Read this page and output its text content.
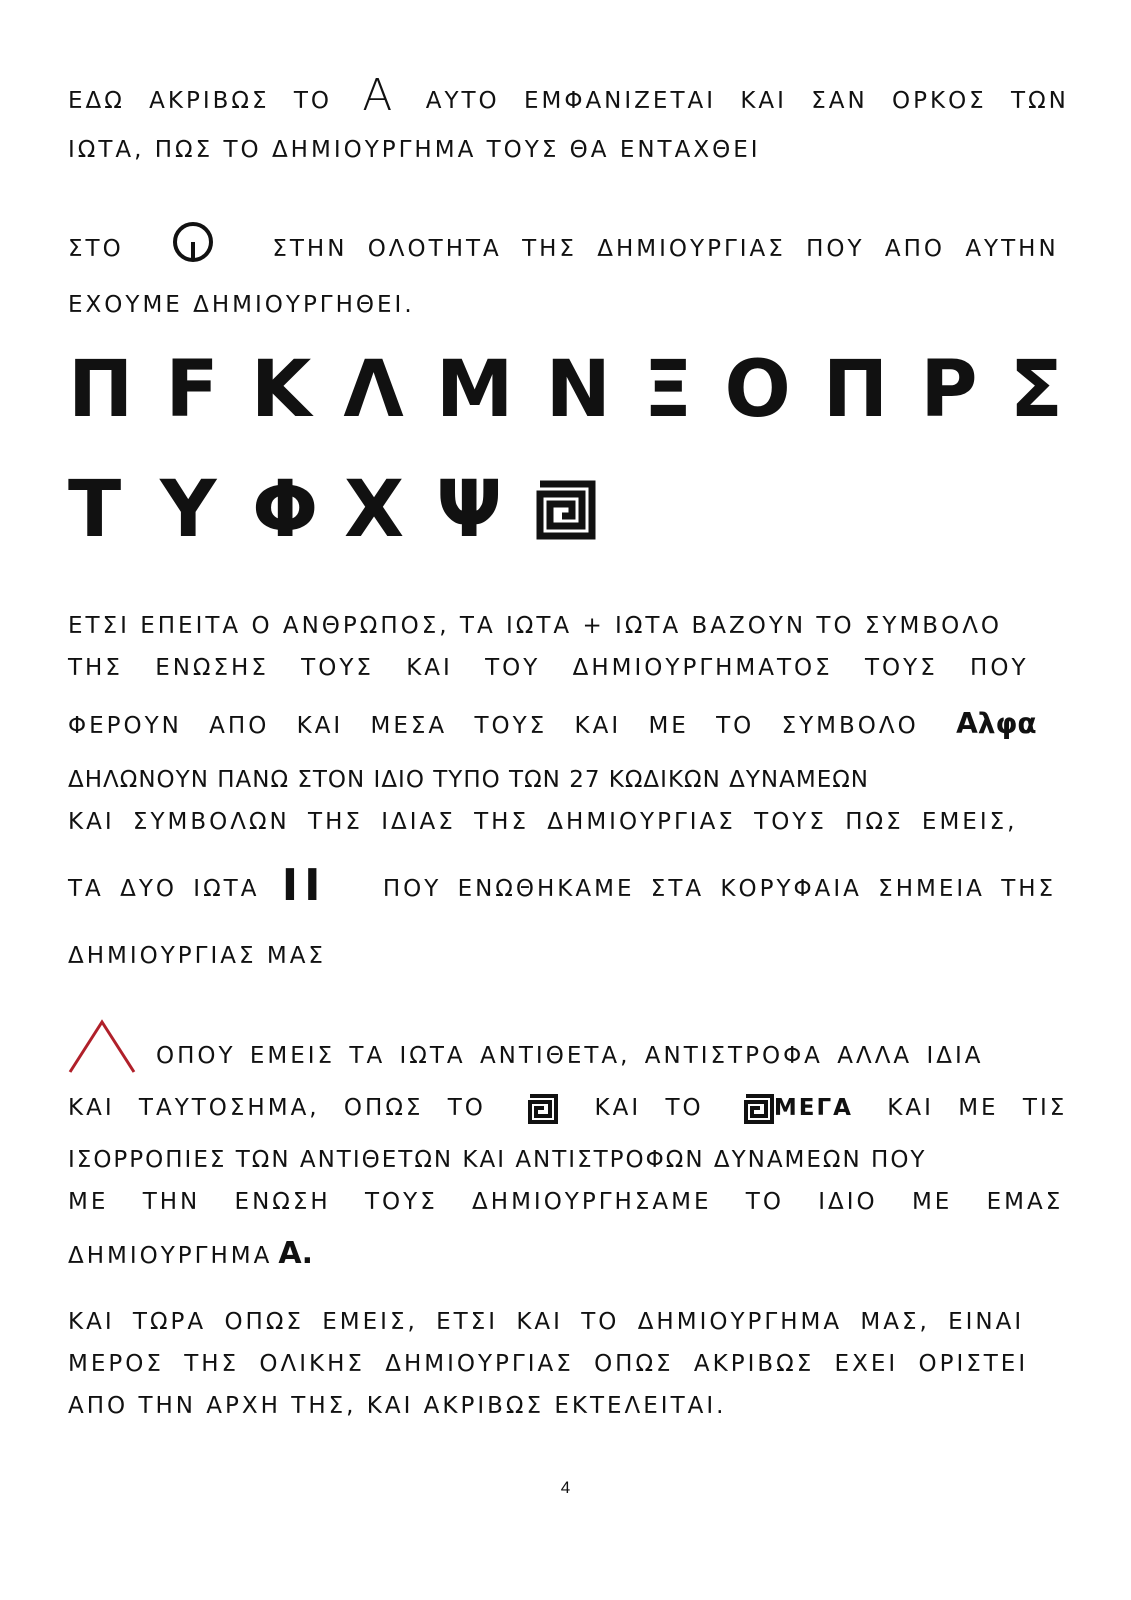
ΕΔΩ ΑΚΡΙΒΩΣ ΤΟ Α ΑΥΤΟ ΕΜΦΑΝΙΖΕΤΑΙ ΚΑΙ ΣΑΝ ΟΡΚΟΣ ΤΩΝ
ΙΩΤΑ, ΠΩΣ ΤΟ ΔΗΜΙΟΥΡΓΗΜΑ ΤΟΥΣ ΘΑ ΕΝΤΑΧΘΕΙ
ΣΤΟ	ΣΤΗΝ ΟΛΟΤΗΤΑ ΤΗΣ ΔΗΜΙΟΥΡΓΙΑΣ ΠΟΥ ΑΠΟ ΑΥΤΗΝ
ΕΧΟΥΜΕ ΔΗΜΙΟΥΡΓΗΘΕΙ.
Π F Κ Λ Μ Ν Ξ Ο Π Ρ Σ
Τ Υ Φ Χ Ψ
ΕΤΣΙ ΕΠΕΙΤΑ Ο ΑΝΘΡΩΠΟΣ, ΤΑ ΙΩΤΑ + ΙΩΤΑ ΒΑΖΟΥΝ ΤΟ ΣΥΜΒΟΛΟ
ΤΗΣ ΕΝΩΣΗΣ ΤΟΥΣ ΚΑΙ ΤΟΥ ΔΗΜΙΟΥΡΓΗΜΑΤΟΣ ΤΟΥΣ ΠΟΥ
ΦΕΡΟΥΝ ΑΠΟ ΚΑΙ ΜΕΣΑ ΤΟΥΣ ΚΑΙ ΜΕ ΤΟ ΣΥΜΒΟΛΟ Αλφα
ΔΗΛΩΝΟΥΝ ΠΑΝΩ ΣΤΟΝ ΙΔΙΟ ΤΥΠΟ ΤΩΝ 27 ΚΩΔΙΚΩΝ ΔΥΝΑΜΕΩΝ
ΚΑΙ ΣΥΜΒΟΛΩΝ ΤΗΣ ΙΔΙΑΣ ΤΗΣ ΔΗΜΙΟΥΡΓΙΑΣ ΤΟΥΣ ΠΩΣ ΕΜΕΙΣ,
ΤΑ ΔΥΟ ΙΩΤΑ ΙΙ ΠΟΥ ΕΝΩΘΗΚΑΜΕ ΣΤΑ ΚΟΡΥΦΑΙΑ ΣΗΜΕΙΑ ΤΗΣ
ΔΗΜΙΟΥΡΓΙΑΣ ΜΑΣ
ΟΠΟΥ ΕΜΕΙΣ ΤΑ ΙΩΤΑ ΑΝΤΙΘΕΤΑ, ΑΝΤΙΣΤΡΟΦΑ ΑΛΛΑ ΙΔΙΑ
ΚΑΙ ΤΑΥΤΟΣΗΜΑ, ΟΠΩΣ ΤΟ	ΚΑΙ ΤΟ	ΜΕΓΑ ΚΑΙ ΜΕ ΤΙΣ
ΙΣΟΡΡΟΠΙΕΣ ΤΩΝ ΑΝΤΙΘΕΤΩΝ ΚΑΙ ΑΝΤΙΣΤΡΟΦΩΝ ΔΥΝΑΜΕΩΝ ΠΟΥ
ΜΕ ΤΗΝ ΕΝΩΣΗ ΤΟΥΣ ΔΗΜΙΟΥΡΓΗΣΑΜΕ ΤΟ ΙΔΙΟ ΜΕ ΕΜΑΣ
ΔΗΜΙΟΥΡΓΗΜΑ Α.
ΚΑΙ ΤΩΡΑ ΟΠΩΣ ΕΜΕΙΣ, ΕΤΣΙ ΚΑΙ ΤΟ ΔΗΜΙΟΥΡΓΗΜΑ ΜΑΣ, ΕΙΝΑΙ
ΜΕΡΟΣ ΤΗΣ ΟΛΙΚΗΣ ΔΗΜΙΟΥΡΓΙΑΣ ΟΠΩΣ ΑΚΡΙΒΩΣ ΕΧΕΙ ΟΡΙΣΤΕΙ
ΑΠΟ ΤΗΝ ΑΡΧΗ ΤΗΣ, ΚΑΙ ΑΚΡΙΒΩΣ ΕΚΤΕΛΕΙΤΑΙ.
4
